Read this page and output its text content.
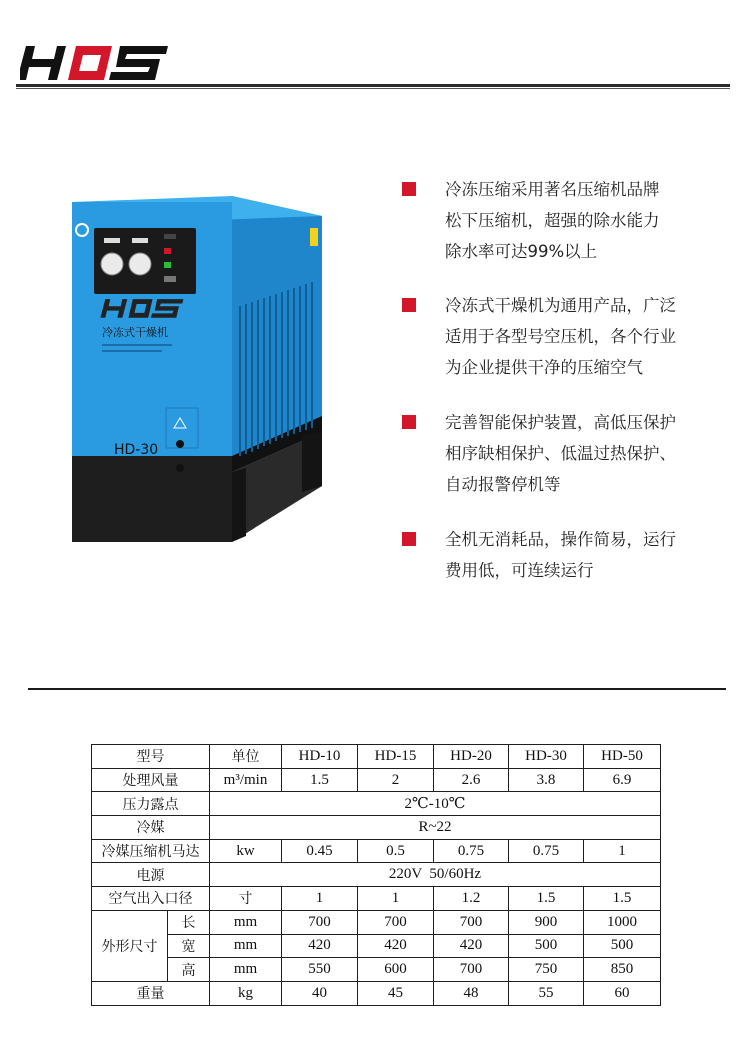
HOS
冷冻式干燥机
HD-30
冷冻压缩采用著名压缩机品牌
松下压缩机，超强的除水能力
除水率可达99%以上
冷冻式干燥机为通用产品，广泛
适用于各型号空压机，各个行业
为企业提供干净的压缩空气
完善智能保护装置，高低压保护
相序缺相保护、低温过热保护、
自动报警停机等
全机无消耗品，操作简易，运行
费用低，可连续运行
型号		单位	HD-10	HD-15	HD-20	HD-30	HD-50
处理风量		m³/min	1.5	2	2.6	3.8	6.9
压力露点		2℃-10℃					
冷媒		R~22					
冷媒压缩机马达		kw	0.45	0.5	0.75	0.75	1
电源		220V  50/60Hz					
空气出入口径		寸	1	1	1.2	1.5	1.5
外形尺寸	长	mm	700	700	700	900	1000
	宽	mm	420	420	420	500	500
	高	mm	550	600	700	750	850
重量		kg	40	45	48	55	60
